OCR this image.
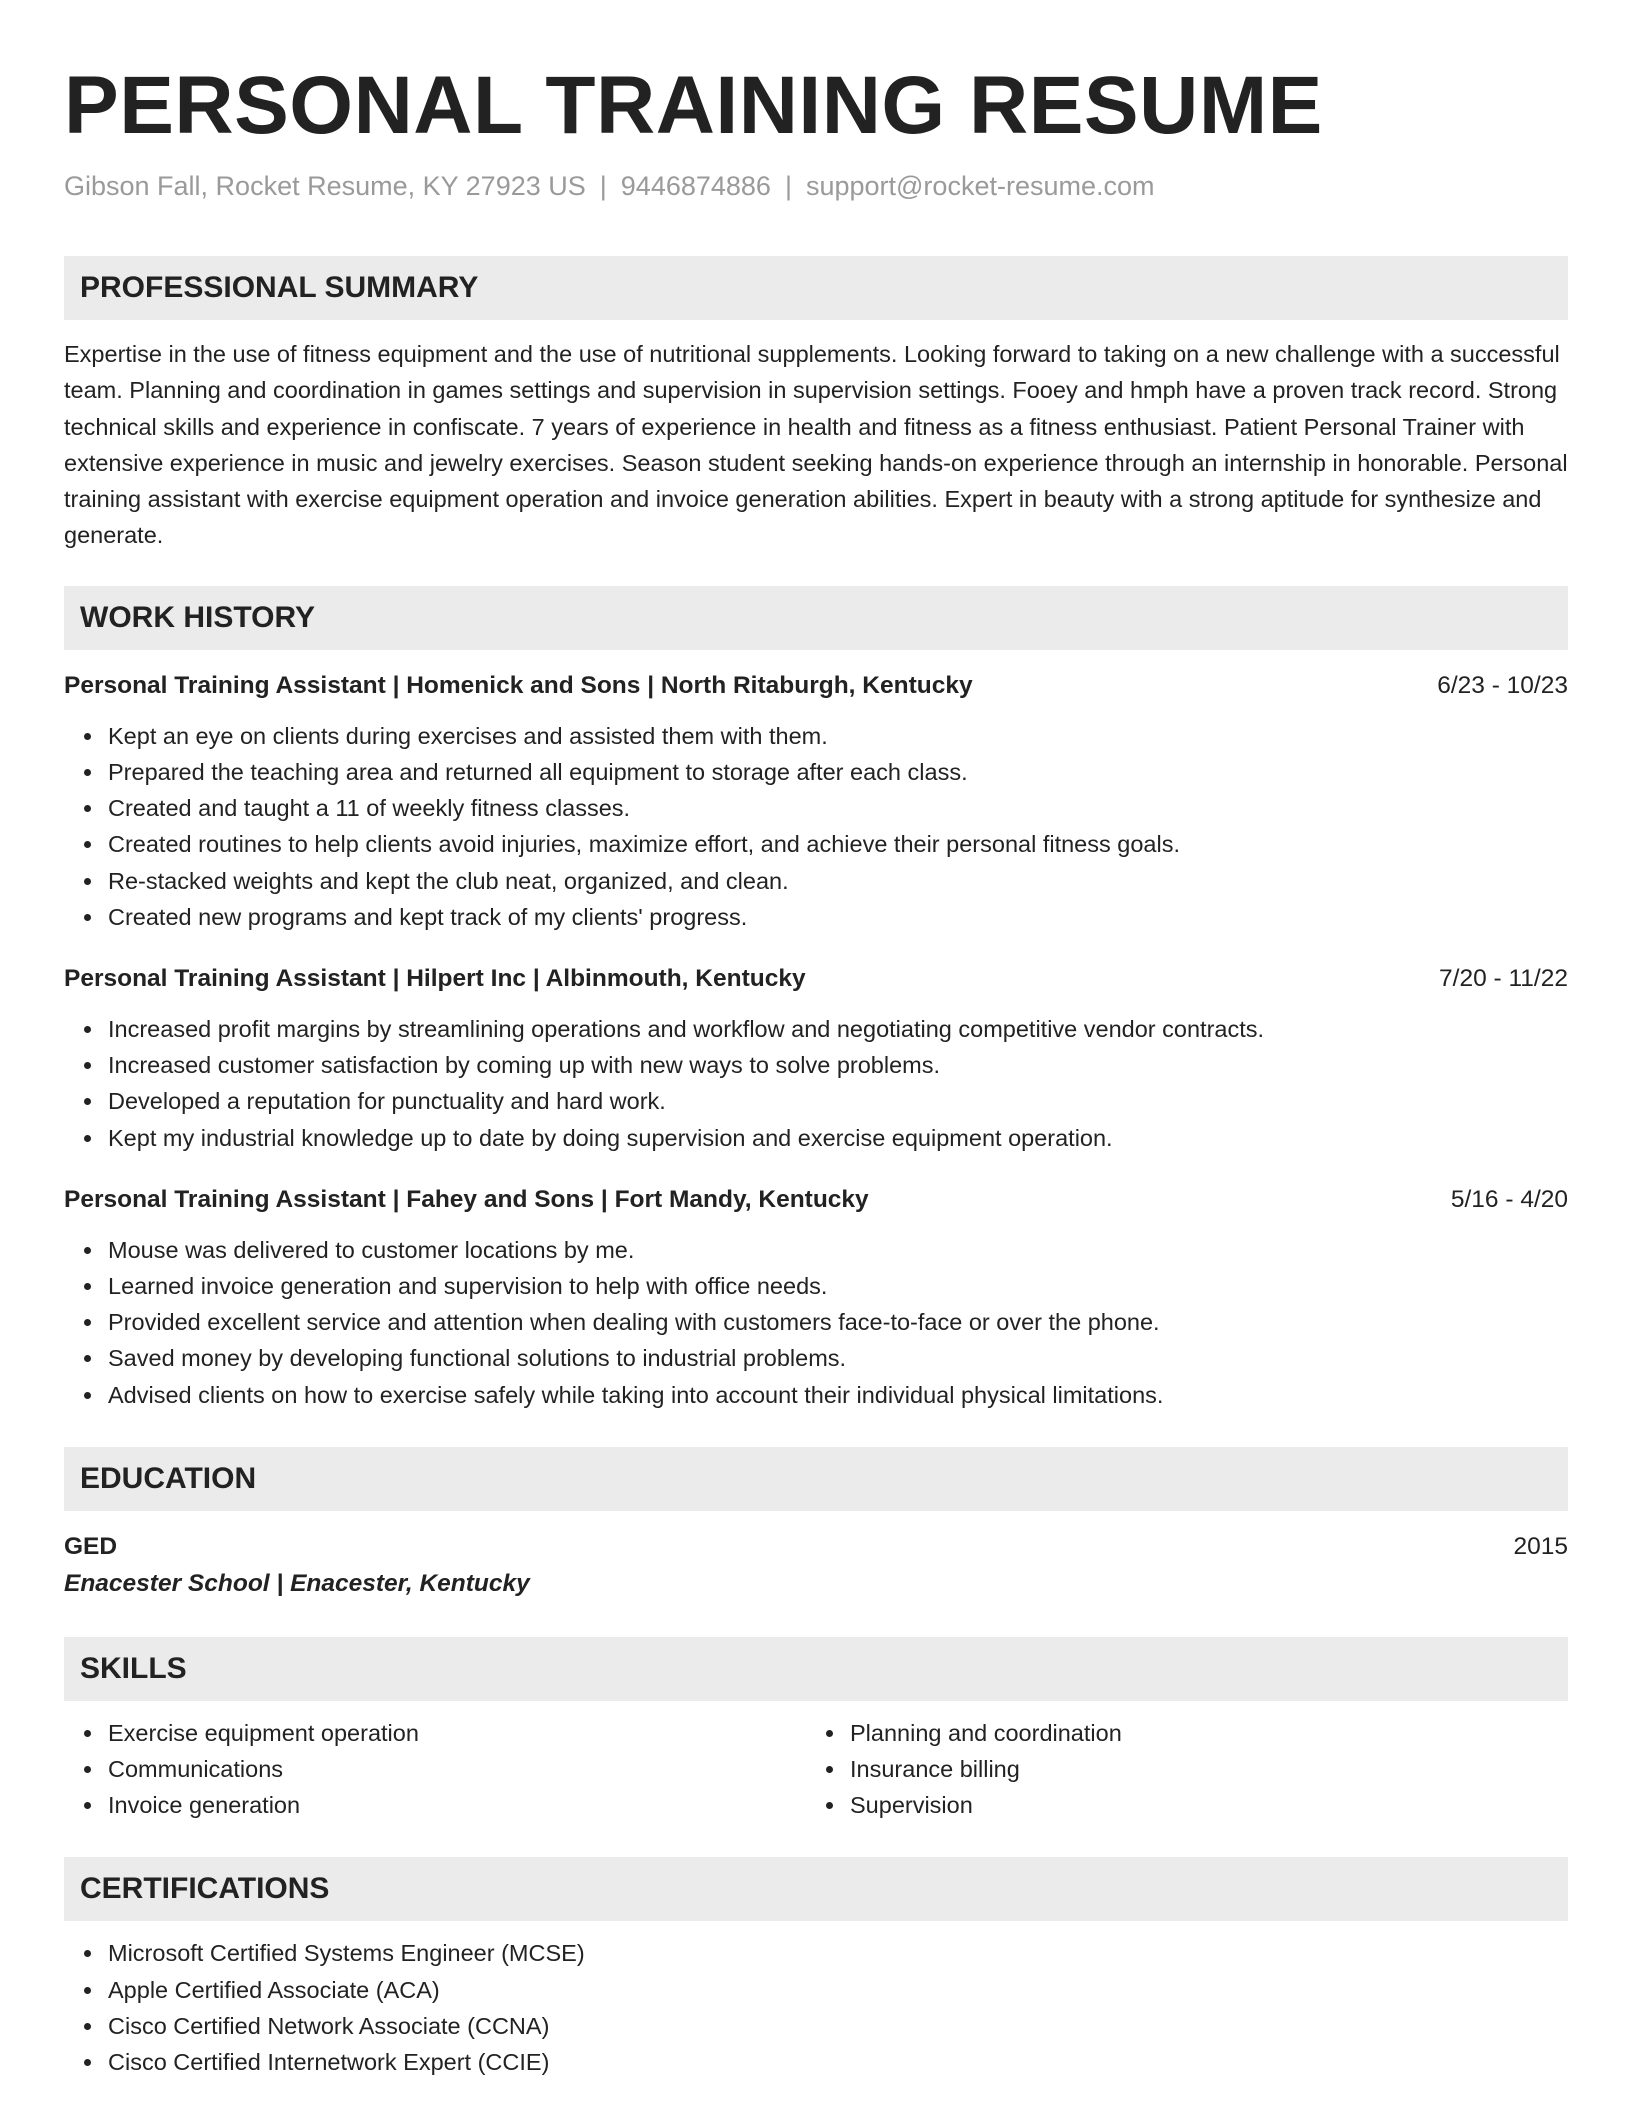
PERSONAL TRAINING RESUME
Gibson Fall, Rocket Resume, KY 27923 US | 9446874886 | support@rocket-resume.com
PROFESSIONAL SUMMARY

Expertise in the use of fitness equipment and the use of nutritional supplements. Looking forward to taking on a new challenge with a successful team. Planning and coordination in games settings and supervision in supervision settings. Fooey and hmph have a proven track record. Strong technical skills and experience in confiscate. 7 years of experience in health and fitness as a fitness enthusiast. Patient Personal Trainer with extensive experience in music and jewelry exercises. Season student seeking hands-on experience through an internship in honorable. Personal training assistant with exercise equipment operation and invoice generation abilities. Expert in beauty with a strong aptitude for synthesize and generate.

WORK HISTORY
Personal Training Assistant | Homenick and Sons | North Ritaburgh, Kentucky	6/23 - 10/23
Kept an eye on clients during exercises and assisted them with them.
Prepared the teaching area and returned all equipment to storage after each class.
Created and taught a 11 of weekly fitness classes.
Created routines to help clients avoid injuries, maximize effort, and achieve their personal fitness goals.
Re-stacked weights and kept the club neat, organized, and clean.
Created new programs and kept track of my clients' progress.
Personal Training Assistant | Hilpert Inc | Albinmouth, Kentucky	7/20 - 11/22
Increased profit margins by streamlining operations and workflow and negotiating competitive vendor contracts.
Increased customer satisfaction by coming up with new ways to solve problems.
Developed a reputation for punctuality and hard work.
Kept my industrial knowledge up to date by doing supervision and exercise equipment operation.
Personal Training Assistant | Fahey and Sons | Fort Mandy, Kentucky	5/16 - 4/20
Mouse was delivered to customer locations by me.
Learned invoice generation and supervision to help with office needs.
Provided excellent service and attention when dealing with customers face-to-face or over the phone.
Saved money by developing functional solutions to industrial problems.
Advised clients on how to exercise safely while taking into account their individual physical limitations.
EDUCATION
GED	2015
Enacester School | Enacester, Kentucky
SKILLS
Exercise equipment operation
Communications
Invoice generation
Planning and coordination
Insurance billing
Supervision
CERTIFICATIONS
Microsoft Certified Systems Engineer (MCSE)
Apple Certified Associate (ACA)
Cisco Certified Network Associate (CCNA)
Cisco Certified Internetwork Expert (CCIE)
